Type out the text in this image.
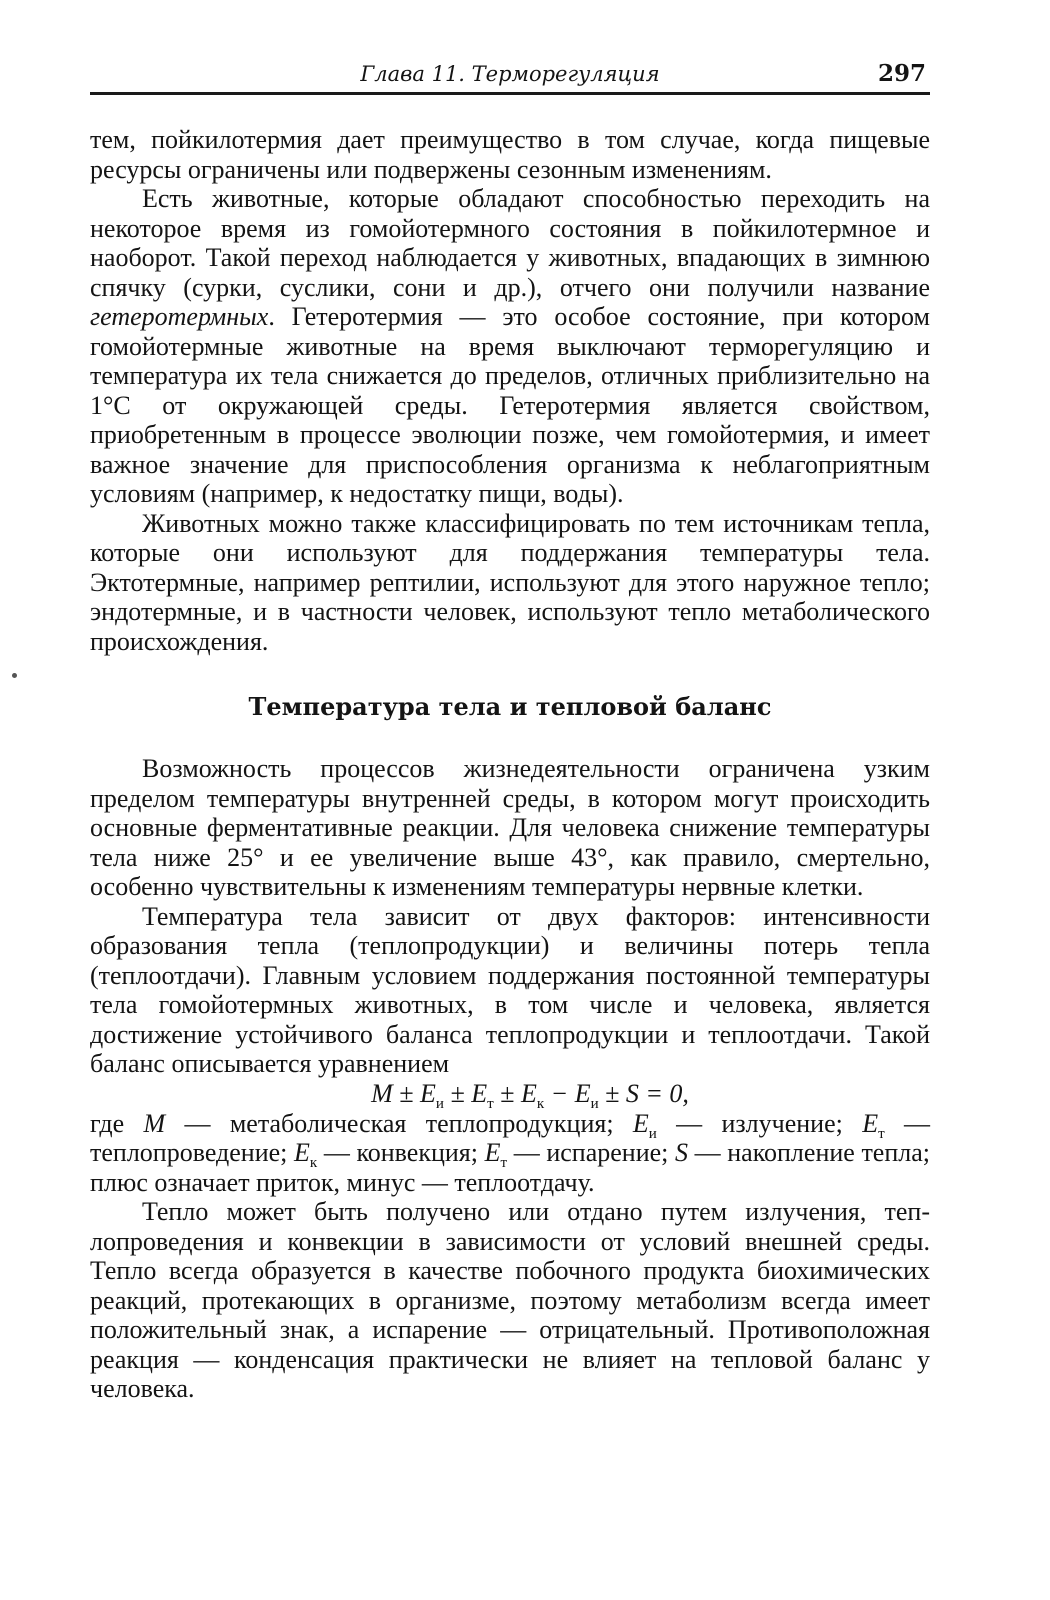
Глава 11. Терморегуляция	297

тем, пойкилотермия дает преимущество в том случае, когда пищевые ресурсы ограничены или подвержены сезонным изменениям.

Есть животные, которые обладают способностью переходить на некоторое время из гомойотермного состояния в пойкилотермное и наоборот. Такой переход наблюдается у животных, впадающих в зимнюю спячку (сурки, суслики, сони и др.), отчего они получили название гетеротермных. Гетеротермия — это особое состояние, при котором гомойотермные животные на время выключают терморегуляцию и температура их тела снижается до пределов, отличных приблизительно на 1°С от окружающей среды. Гетеротермия является свойством, приобретенным в процессе эволюции позже, чем гомойотермия, и имеет важное значение для приспособления организма к неблагоприятным условиям (например, к недостатку пищи, воды).

Животных можно также классифицировать по тем источникам тепла, которые они используют для поддержания температуры тела. Эктотермные, например рептилии, используют для этого наружное тепло; эндотермные, и в частности человек, используют тепло метаболического происхождения.

Температура тела и тепловой баланс

Возможность процессов жизнедеятельности ограничена узким пределом температуры внутренней среды, в котором могут происходить основные ферментативные реакции. Для человека снижение температуры тела ниже 25° и ее увеличение выше 43°, как правило, смертельно, особенно чувствительны к изменениям температуры нервные клетки.

Температура тела зависит от двух факторов: интенсивности образования тепла (теплопродукции) и величины потерь тепла (теплоотдачи). Главным условием поддержания постоянной температуры тела гомойотермных животных, в том числе и человека, является достижение устойчивого баланса теплопродукции и теплоотдачи. Такой баланс описывается уравнением

$M \pm E_и \pm E_т \pm E_к - E_и \pm S = 0$,

где M — метаболическая теплопродукция; $E_и$ — излучение; $E_т$ — теплопроведение; $E_к$ — конвекция; $E_т$ — испарение; S — накопление тепла; плюс означает приток, минус — теплоотдачу.

Тепло может быть получено или отдано путем излучения, теплопроведения и конвекции в зависимости от условий внешней среды. Тепло всегда образуется в качестве побочного продукта биохимических реакций, протекающих в организме, поэтому метаболизм всегда имеет положительный знак, а испарение — отрицательный. Противоположная реакция — конденсация практически не влияет на тепловой баланс у человека.
